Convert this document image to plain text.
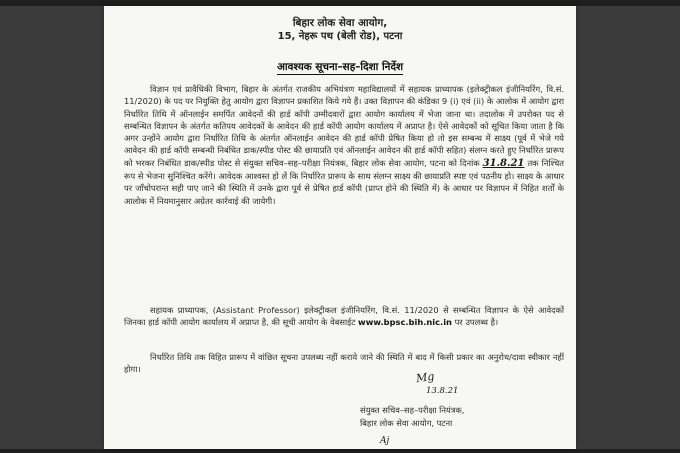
बिहार लोक सेवा आयोग,
15, नेहरू पथ (बेली रोड), पटना
आवश्यक सूचना–सह–दिशा निर्देश
विज्ञान एवं प्रावैधिकी विभाग, बिहार के अंतर्गत राजकीय अभियंत्रण महाविद्यालयों में सहायक प्राध्यापक (इलेक्ट्रीकल इंजीनियरिंग, वि.सं. 11/2020) के पद पर नियुक्ति हेतु आयोग द्वारा विज्ञापन प्रकाशित किये गये हैं। उक्त विज्ञापन की कंडिका 9 (i) एवं (ii) के आलोक में आयोग द्वारा निर्धारित तिथि में ऑनलाईन समर्पित आवेदनों की हार्ड कॉपी उम्मीदवारों द्वारा आयोग कार्यालय में भेजा जाना था। तदालोक में उपरोक्त पद से सम्बन्धित विज्ञापन के अंतर्गत कतिपय आवेदकों के आवेदन की हार्ड कॉपी आयोग कार्यालय में अप्राप्त है। ऐसे आवेदकों को सूचित किया जाता है कि अगर उन्होंने आयोग द्वारा निर्धारित तिथि के अंतर्गत ऑनलाईन आवेदन की हार्ड कॉपी प्रेषित किया हो तो इस सम्बन्ध में साक्ष्य (पूर्व में भेजे गये आवेदन की हार्ड कॉपी सम्बन्धी निबंधित डाक/स्पीड पोस्ट की छायाप्रति एवं ऑनलाईन आवेदन की हार्ड कॉपी सहित) संलग्न करते हुए निर्धारित प्रारूप को भरकर निबंधित डाक/स्पीड पोस्ट से संयुक्त सचिव–सह–परीक्षा नियंत्रक, बिहार लोक सेवा आयोग, पटना को दिनांक 31.8.21 तक निश्चित रूप से भेजना सुनिश्चित करेंगे। आवेदक आश्वस्त हो लें कि निर्धारित प्रारूप के साथ संलग्न साक्ष्य की छायाप्रति स्पष्ट एवं पठनीय हो। साक्ष्य के आधार पर जाँचोपरान्त सही पाए जाने की स्थिति में उनके द्वारा पूर्व से प्रेषित हार्ड कॉपी (प्राप्त होने की स्थिति में) के आधार पर विज्ञापन में निहित शर्तों के आलोक में नियमानुसार अग्रेतर कार्रवाई की जायेगी।
सहायक प्राध्यापक, (Assistant Professor) इलेक्ट्रीकल इंजीनियरिंग, वि.सं. 11/2020 से सम्बन्धित विज्ञापन के ऐसे आवेदकों जिनका हार्ड कॉपी आयोग कार्यालय में अप्राप्त है, की सूची आयोग के वेबसाईट www.bpsc.bih.nic.in पर उपलब्ध है।
निर्धारित तिथि तक विहित प्रारूप में वांछित सूचना उपलब्ध नहीं कराये जाने की स्थिति में बाद में किसी प्रकार का अनुरोध/दावा स्वीकार नहीं होगा।
Mg
13.8.21
संयुक्त सचिव–सह–परीक्षा नियंत्रक,
बिहार लोक सेवा आयोग, पटना
Aj
